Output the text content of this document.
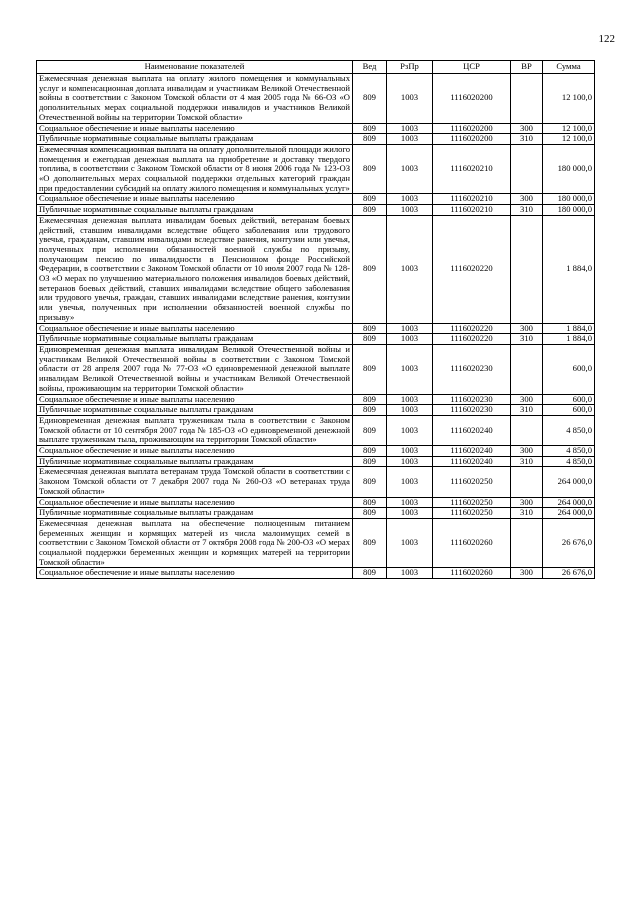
122
Наименование показателей	Вед	РзПр	ЦСР	ВР	Сумма
Ежемесячная денежная выплата на оплату жилого помещения и коммунальных услуг и компенсационная доплата инвалидам и участникам Великой Отечественной войны в соответствии с Законом Томской области от 4 мая 2005 года № 66-ОЗ «О дополнительных мерах социальной поддержки инвалидов и участников Великой Отечественной войны на территории Томской области»	809	1003	1116020200		12 100,0
Социальное обеспечение и иные выплаты населению	809	1003	1116020200	300	12 100,0
Публичные нормативные социальные выплаты гражданам	809	1003	1116020200	310	12 100,0
Ежемесячная компенсационная выплата на оплату дополнительной площади жилого помещения и ежегодная денежная выплата на приобретение и доставку твердого топлива, в соответствии с Законом Томской области от 8 июня 2006 года № 123-ОЗ «О дополнительных мерах социальной поддержки отдельных категорий граждан при предоставлении субсидий на оплату жилого помещения и коммунальных услуг»	809	1003	1116020210		180 000,0
Социальное обеспечение и иные выплаты населению	809	1003	1116020210	300	180 000,0
Публичные нормативные социальные выплаты гражданам	809	1003	1116020210	310	180 000,0
Ежемесячная денежная выплата инвалидам боевых действий, ветеранам боевых действий, ставшим инвалидами вследствие общего заболевания или трудового увечья, гражданам, ставшим инвалидами вследствие ранения, контузии или увечья, полученных при исполнении обязанностей военной службы по призыву, получающим пенсию по инвалидности в Пенсионном фонде Российской Федерации, в соответствии с Законом Томской области от 10 июля 2007 года № 128-ОЗ «О мерах по улучшению материального положения инвалидов боевых действий, ветеранов боевых действий, ставших инвалидами вследствие общего заболевания или трудового увечья, граждан, ставших инвалидами вследствие ранения, контузии или увечья, полученных при исполнении обязанностей военной службы по призыву»	809	1003	1116020220		1 884,0
Социальное обеспечение и иные выплаты населению	809	1003	1116020220	300	1 884,0
Публичные нормативные социальные выплаты гражданам	809	1003	1116020220	310	1 884,0
Единовременная денежная выплата инвалидам Великой Отечественной войны и участникам Великой Отечественной войны в соответствии с Законом Томской области от 28 апреля 2007 года № 77-ОЗ «О единовременной денежной выплате инвалидам Великой Отечественной войны и участникам Великой Отечественной войны, проживающим на территории Томской области»	809	1003	1116020230		600,0
Социальное обеспечение и иные выплаты населению	809	1003	1116020230	300	600,0
Публичные нормативные социальные выплаты гражданам	809	1003	1116020230	310	600,0
Единовременная денежная выплата труженикам тыла в соответствии с Законом Томской области от 10 сентября 2007 года № 185-ОЗ «О единовременной денежной выплате труженикам тыла, проживающим на территории Томской области»	809	1003	1116020240		4 850,0
Социальное обеспечение и иные выплаты населению	809	1003	1116020240	300	4 850,0
Публичные нормативные социальные выплаты гражданам	809	1003	1116020240	310	4 850,0
Ежемесячная денежная выплата ветеранам труда Томской области в соответствии с Законом Томской области от 7 декабря 2007 года № 260-ОЗ «О ветеранах труда Томской области»	809	1003	1116020250		264 000,0
Социальное обеспечение и иные выплаты населению	809	1003	1116020250	300	264 000,0
Публичные нормативные социальные выплаты гражданам	809	1003	1116020250	310	264 000,0
Ежемесячная денежная выплата на обеспечение полноценным питанием беременных женщин и кормящих матерей из числа малоимущих семей в соответствии с Законом Томской области от 7 октября 2008 года № 200-ОЗ «О мерах социальной поддержки беременных женщин и кормящих матерей на территории Томской области»	809	1003	1116020260		26 676,0
Социальное обеспечение и иные выплаты населению	809	1003	1116020260	300	26 676,0
